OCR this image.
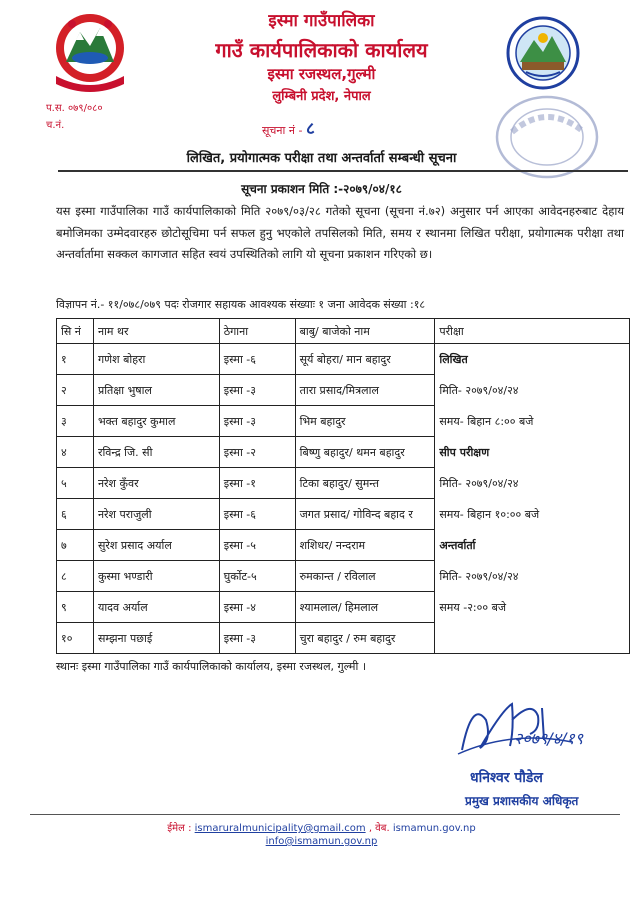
इस्मा गाउँपालिका
गाउँ कार्यपालिकाको कार्यालय
इस्मा रजस्थल,गुल्मी
लुम्बिनी प्रदेश, नेपाल
प.स. ०७९/०८०
च.नं.	सूचना नं - ८
लिखित, प्रयोगात्मक परीक्षा तथा अन्तर्वार्ता सम्बन्धी सूचना
सूचना प्रकाशन मिति :-२०७९/०४/१८
यस इस्मा गाउँपालिका गाउँ कार्यपालिकाको मिति २०७९/०३/२८ गतेको सूचना (सूचना नं.७२) अनुसार पर्न आएका आवेदनहरुबाट देहाय बमोजिमका उम्मेदवारहरु छोटोसूचिमा पर्न सफल हुनु भएकोले तपसिलको मिति, समय र स्थानमा लिखित परीक्षा, प्रयोगात्मक परीक्षा तथा अन्तर्वार्तामा सक्कल कागजात सहित स्वयं उपस्थितिको लागि यो सूचना प्रकाशन गरिएको छ।
विज्ञापन नं.- ११/०७८/०७९ पदः रोजगार सहायक आवश्यक संख्याः १ जना आवेदक संख्या :१८
सि नं	नाम थर	ठेगाना	बाबु/ बाजेको नाम	परीक्षा
१	गणेश बोहरा	इस्मा -६	सूर्य बोहरा/ मान बहादुर	लिखित
२	प्रतिक्षा भुषाल	इस्मा -३	तारा प्रसाद/मित्रलाल	मिति- २०७९/०४/२४
३	भक्त बहादुर कुमाल	इस्मा -३	भिम बहादुर	समय- बिहान ८:०० बजे
४	रविन्द्र जि. सी	इस्मा -२	बिष्णु बहादुर/ थमन बहादुर	सीप परीक्षण
५	नरेश कुँवर	इस्मा -१	टिका बहादुर/ सुमन्त	मिति- २०७९/०४/२४
६	नरेश पराजुली	इस्मा -६	जगत प्रसाद/ गोविन्द बहाद र	समय- बिहान १०:०० बजे
७	सुरेश प्रसाद अर्याल	इस्मा -५	शशिधर/ नन्दराम	अन्तर्वार्ता
८	कुस्मा भण्डारी	घुर्कोट-५	रुमकान्त / रविलाल	मिति- २०७९/०४/२४
९	यादव अर्याल	इस्मा -४	श्यामलाल/ हिमलाल	समय -२:०० बजे
१०	सम्झना पछाई	इस्मा -३	चुरा बहादुर / रुम बहादुर	
स्थानः इस्मा गाउँपालिका गाउँ कार्यपालिकाको कार्यालय, इस्मा रजस्थल, गुल्मी ।
२०७९/४/१९
धनिश्वर पौडेल
प्रमुख प्रशासकीय अधिकृत
ईमेल : ismaruralmunicipality@gmail.com , वेब. ismamun.gov.np
info@ismamun.gov.np
